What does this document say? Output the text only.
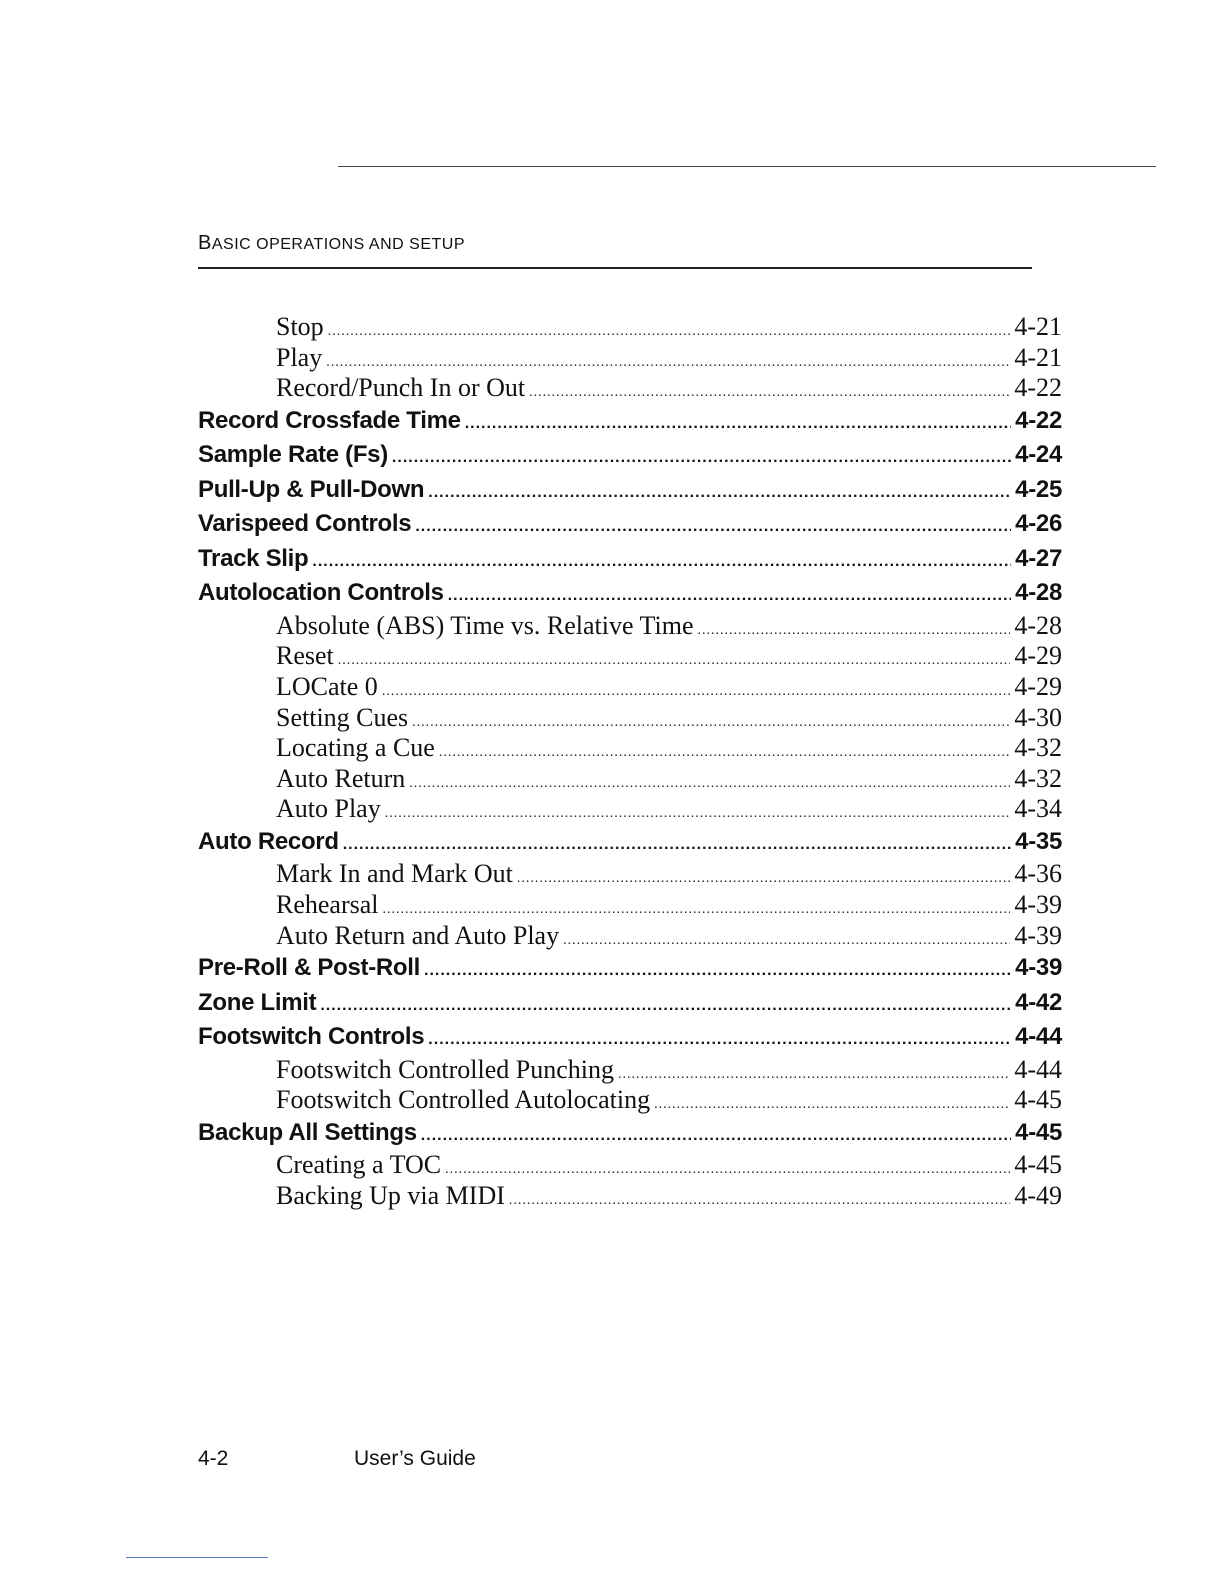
BASIC OPERATIONS AND SETUP
Stop .....	4-21
Play .....	4-21
Record/Punch In or Out .....	4-22
Record Crossfade Time .....	4-22
Sample Rate (Fs) .....	4-24
Pull-Up & Pull-Down .....	4-25
Varispeed Controls .....	4-26
Track Slip .....	4-27
Autolocation Controls .....	4-28
Absolute (ABS) Time vs. Relative Time .....	4-28
Reset .....	4-29
LOCate 0 .....	4-29
Setting Cues .....	4-30
Locating a Cue .....	4-32
Auto Return .....	4-32
Auto Play .....	4-34
Auto Record .....	4-35
Mark In and Mark Out .....	4-36
Rehearsal .....	4-39
Auto Return and Auto Play .....	4-39
Pre-Roll & Post-Roll .....	4-39
Zone Limit .....	4-42
Footswitch Controls .....	4-44
Footswitch Controlled Punching .....	4-44
Footswitch Controlled Autolocating .....	4-45
Backup All Settings .....	4-45
Creating a TOC .....	4-45
Backing Up via MIDI .....	4-49
4-2	User’s Guide
